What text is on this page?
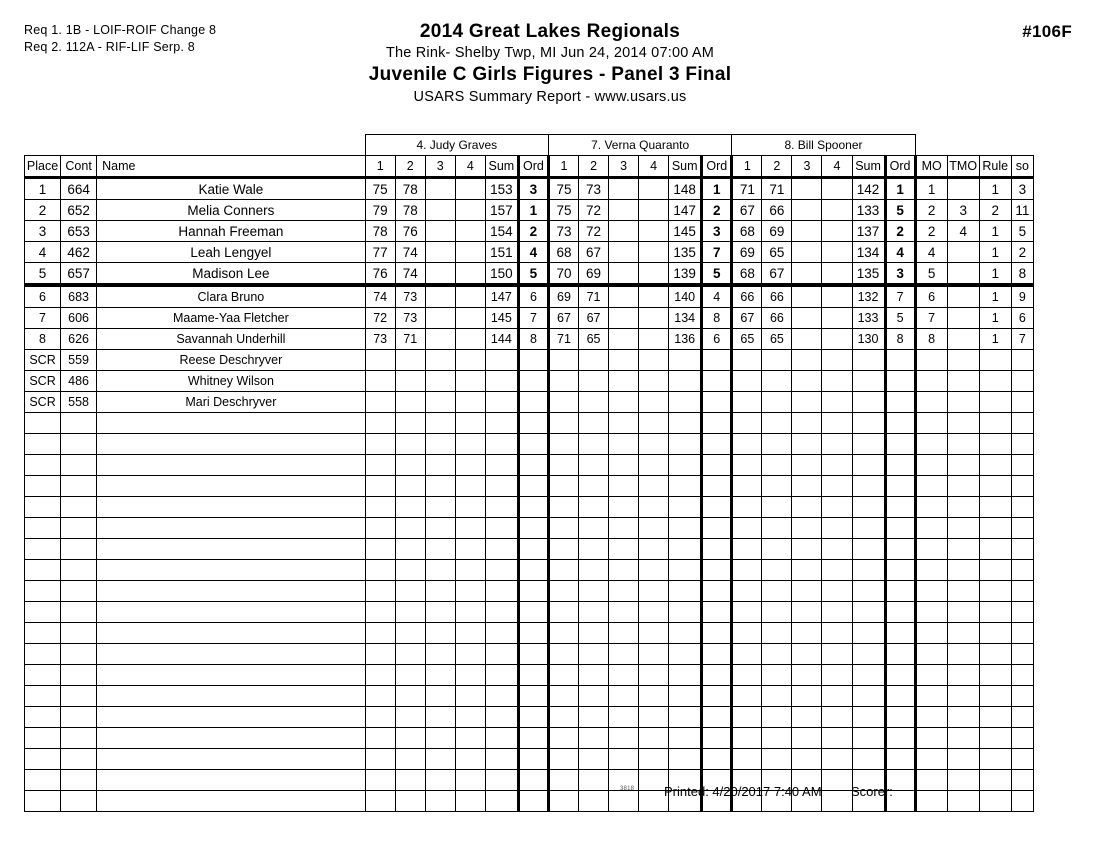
Req 1. 1B - LOIF-ROIF Change 8
Req 2. 112A - RIF-LIF Serp. 8
2014 Great Lakes Regionals
The Rink- Shelby Twp, MI Jun 24, 2014 07:00 AM
Juvenile C Girls Figures - Panel 3 Final
USARS Summary Report - www.usars.us
#106F
			4. Judy Graves						7. Verna Quaranto						8. Bill Spooner									
Place	Cont	Name	1	2	3	4	Sum	Ord	1	2	3	4	Sum	Ord	1	2	3	4	Sum	Ord	MO	TMO	Rule	so
1	664	Katie Wale	75	78			153	3	75	73			148	1	71	71			142	1	1		1	3
2	652	Melia Conners	79	78			157	1	75	72			147	2	67	66			133	5	2	3	2	11
3	653	Hannah Freeman	78	76			154	2	73	72			145	3	68	69			137	2	2	4	1	5
4	462	Leah Lengyel	77	74			151	4	68	67			135	7	69	65			134	4	4		1	2
5	657	Madison Lee	76	74			150	5	70	69			139	5	68	67			135	3	5		1	8
6	683	Clara Bruno	74	73			147	6	69	71			140	4	66	66			132	7	6		1	9
7	606	Maame-Yaa Fletcher	72	73			145	7	67	67			134	8	67	66			133	5	7		1	6
8	626	Savannah Underhill	73	71			144	8	71	65			136	6	65	65			130	8	8		1	7
SCR	559	Reese Deschryver																						
SCR	486	Whitney Wilson																						
SCR	558	Mari Deschryver																						

3818 Printed: 4/20/2017 7:40 AM Scorer:
